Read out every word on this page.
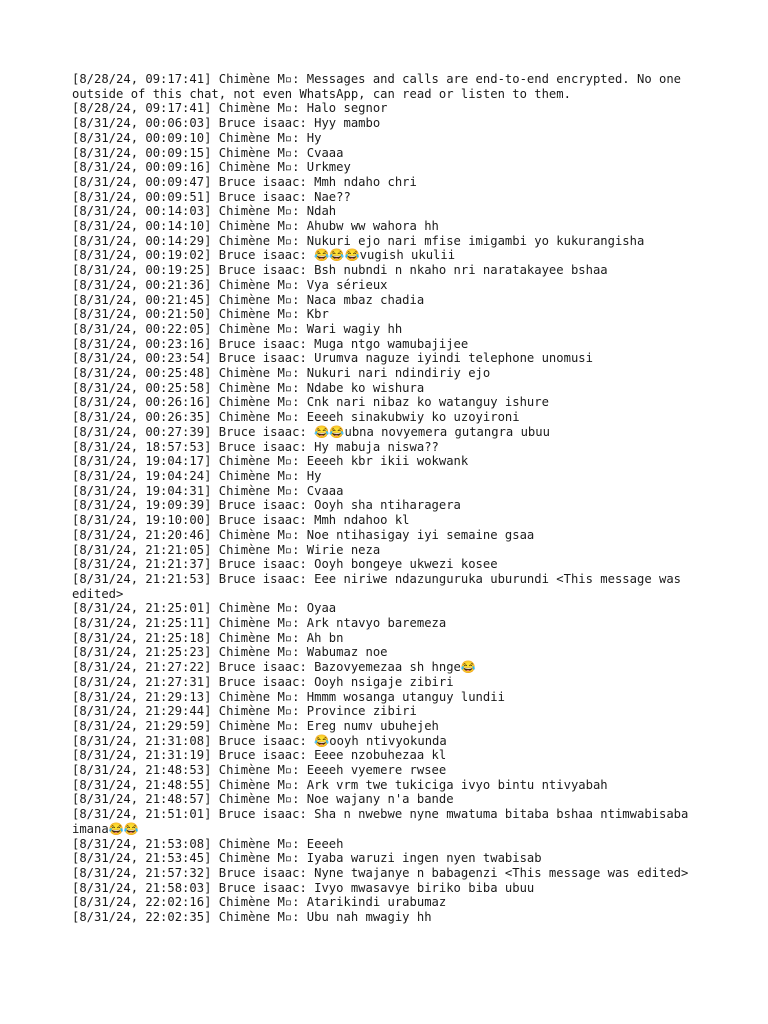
[8/28/24, 09:17:41] Chimène M▫: Messages and calls are end-to-end encrypted. No one outside of this chat, not even WhatsApp, can read or listen to them.
[8/28/24, 09:17:41] Chimène M▫: Halo segnor
[8/31/24, 00:06:03] Bruce isaac: Hyy mambo
[8/31/24, 00:09:10] Chimène M▫: Hy
[8/31/24, 00:09:15] Chimène M▫: Cvaaa
[8/31/24, 00:09:16] Chimène M▫: Urkmey
[8/31/24, 00:09:47] Bruce isaac: Mmh ndaho chri
[8/31/24, 00:09:51] Bruce isaac: Nae??
[8/31/24, 00:14:03] Chimène M▫: Ndah
[8/31/24, 00:14:10] Chimène M▫: Ahubw ww wahora hh
[8/31/24, 00:14:29] Chimène M▫: Nukuri ejo nari mfise imigambi yo kukurangisha
[8/31/24, 00:19:02] Bruce isaac: 😂😂😂vugish ukulii
[8/31/24, 00:19:25] Bruce isaac: Bsh nubndi n nkaho nri naratakayee bshaa
[8/31/24, 00:21:36] Chimène M▫: Vya sérieux
[8/31/24, 00:21:45] Chimène M▫: Naca mbaz chadia
[8/31/24, 00:21:50] Chimène M▫: Kbr
[8/31/24, 00:22:05] Chimène M▫: Wari wagiy hh
[8/31/24, 00:23:16] Bruce isaac: Muga ntgo wamubajijee
[8/31/24, 00:23:54] Bruce isaac: Urumva naguze iyindi telephone unomusi
[8/31/24, 00:25:48] Chimène M▫: Nukuri nari ndindiriy ejo
[8/31/24, 00:25:58] Chimène M▫: Ndabe ko wishura
[8/31/24, 00:26:16] Chimène M▫: Cnk nari nibaz ko watanguy ishure
[8/31/24, 00:26:35] Chimène M▫: Eeeeh sinakubwiy ko uzoyironi
[8/31/24, 00:27:39] Bruce isaac: 😂😂ubna novyemera gutangra ubuu
[8/31/24, 18:57:53] Bruce isaac: Hy mabuja niswa??
[8/31/24, 19:04:17] Chimène M▫: Eeeeh kbr ikii wokwank
[8/31/24, 19:04:24] Chimène M▫: Hy
[8/31/24, 19:04:31] Chimène M▫: Cvaaa
[8/31/24, 19:09:39] Bruce isaac: Ooyh sha ntiharagera
[8/31/24, 19:10:00] Bruce isaac: Mmh ndahoo kl
[8/31/24, 21:20:46] Chimène M▫: Noe ntihasigay iyi semaine gsaa
[8/31/24, 21:21:05] Chimène M▫: Wirie neza
[8/31/24, 21:21:37] Bruce isaac: Ooyh bongeye ukwezi kosee
[8/31/24, 21:21:53] Bruce isaac: Eee niriwe ndazunguruka uburundi <This message was edited>
[8/31/24, 21:25:01] Chimène M▫: Oyaa
[8/31/24, 21:25:11] Chimène M▫: Ark ntavyo baremeza
[8/31/24, 21:25:18] Chimène M▫: Ah bn
[8/31/24, 21:25:23] Chimène M▫: Wabumaz noe
[8/31/24, 21:27:22] Bruce isaac: Bazovyemezaa sh hnge😂
[8/31/24, 21:27:31] Bruce isaac: Ooyh nsigaje zibiri
[8/31/24, 21:29:13] Chimène M▫: Hmmm wosanga utanguy lundii
[8/31/24, 21:29:44] Chimène M▫: Province zibiri
[8/31/24, 21:29:59] Chimène M▫: Ereg numv ubuhejeh
[8/31/24, 21:31:08] Bruce isaac: 😂ooyh ntivyokunda
[8/31/24, 21:31:19] Bruce isaac: Eeee nzobuhezaa kl
[8/31/24, 21:48:53] Chimène M▫: Eeeeh vyemere rwsee
[8/31/24, 21:48:55] Chimène M▫: Ark vrm twe tukiciga ivyo bintu ntivyabah
[8/31/24, 21:48:57] Chimène M▫: Noe wajany n'a bande
[8/31/24, 21:51:01] Bruce isaac: Sha n nwebwe nyne mwatuma bitaba bshaa ntimwabisaba imana😂😂
[8/31/24, 21:53:08] Chimène M▫: Eeeeh
[8/31/24, 21:53:45] Chimène M▫: Iyaba waruzi ingen nyen twabisab
[8/31/24, 21:57:32] Bruce isaac: Nyne twajanye n babagenzi <This message was edited>
[8/31/24, 21:58:03] Bruce isaac: Ivyo mwasavye biriko biba ubuu
[8/31/24, 22:02:16] Chimène M▫: Atarikindi urabumaz
[8/31/24, 22:02:35] Chimène M▫: Ubu nah mwagiy hh
